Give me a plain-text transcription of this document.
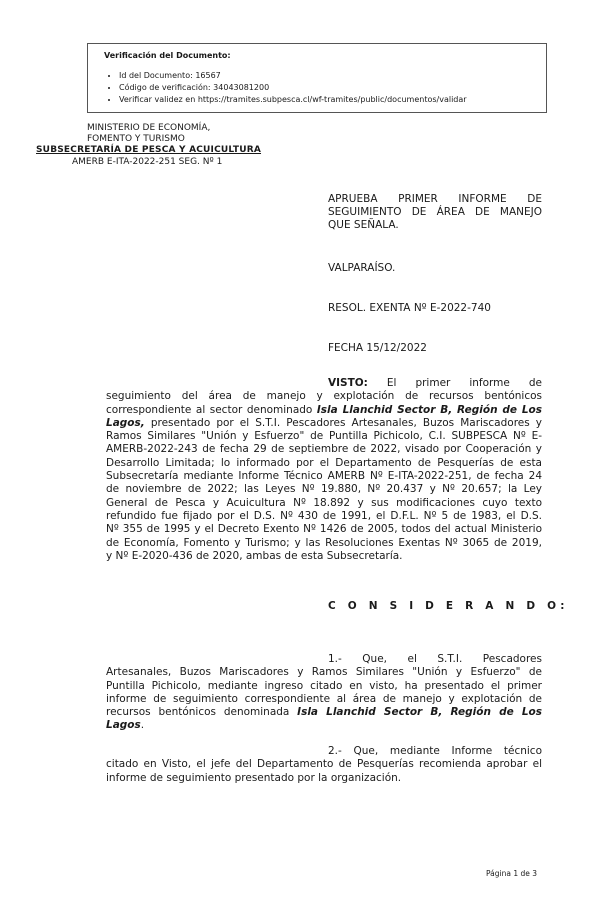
Verificación del Documento:
• Id del Documento: 16567
• Código de verificación: 34043081200
• Verificar validez en https://tramites.subpesca.cl/wf-tramites/public/documentos/validar
MINISTERIO DE ECONOMÍA,
FOMENTO Y TURISMO
SUBSECRETARÍA DE PESCA Y ACUICULTURA
AMERB E-ITA-2022-251 SEG. Nº 1
APRUEBA PRIMER INFORME DE
SEGUIMIENTO DE ÁREA DE MANEJO
QUE SEÑALA.
VALPARAÍSO.
RESOL. EXENTA Nº E-2022-740
FECHA 15/12/2022
VISTO: El primer informe de
seguimiento del área de manejo y explotación de recursos bentónicos
correspondiente al sector denominado Isla Llanchid Sector B, Región de Los
Lagos, presentado por el S.T.I. Pescadores Artesanales, Buzos Mariscadores y
Ramos Similares "Unión y Esfuerzo" de Puntilla Pichicolo, C.I. SUBPESCA Nº E-
AMERB-2022-243 de fecha 29 de septiembre de 2022, visado por Cooperación y
Desarrollo Limitada; lo informado por el Departamento de Pesquerías de esta
Subsecretaría mediante Informe Técnico AMERB Nº E-ITA-2022-251, de fecha 24
de noviembre de 2022; las Leyes Nº 19.880, Nº 20.437 y Nº 20.657; la Ley
General de Pesca y Acuicultura Nº 18.892 y sus modificaciones cuyo texto
refundido fue fijado por el D.S. Nº 430 de 1991, el D.F.L. Nº 5 de 1983, el D.S.
Nº 355 de 1995 y el Decreto Exento Nº 1426 de 2005, todos del actual Ministerio
de Economía, Fomento y Turismo; y las Resoluciones Exentas Nº 3065 de 2019,
y Nº E-2020-436 de 2020, ambas de esta Subsecretaría.
C O N S I D E R A N D O:
1.- Que, el S.T.I. Pescadores
Artesanales, Buzos Mariscadores y Ramos Similares "Unión y Esfuerzo" de
Puntilla Pichicolo, mediante ingreso citado en visto, ha presentado el primer
informe de seguimiento correspondiente al área de manejo y explotación de
recursos bentónicos denominada Isla Llanchid Sector B, Región de Los
Lagos.
2.- Que, mediante Informe técnico
citado en Visto, el jefe del Departamento de Pesquerías recomienda aprobar el
informe de seguimiento presentado por la organización.
Página 1 de 3
